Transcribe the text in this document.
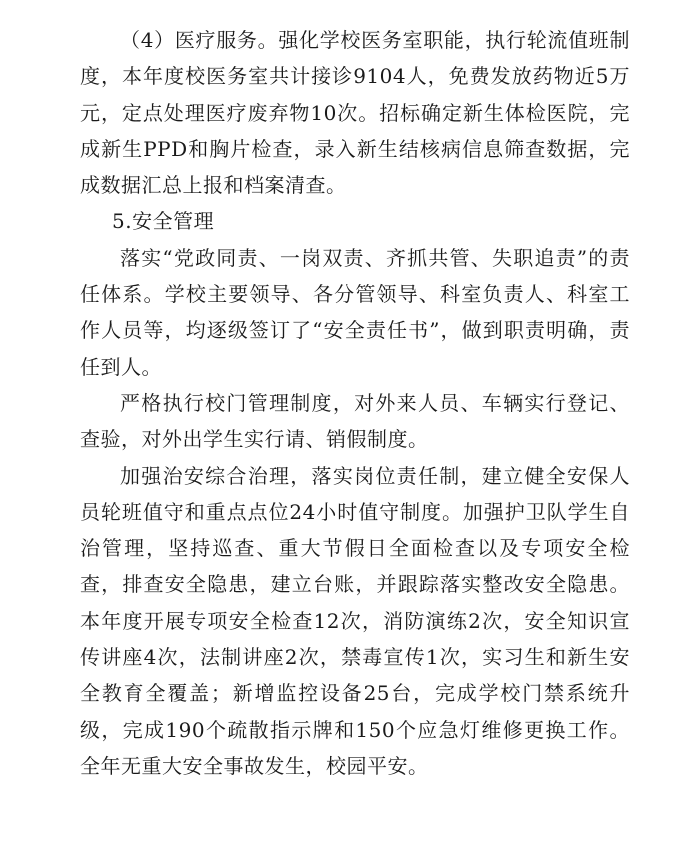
（4）医疗服务。强化学校医务室职能，执行轮流值班制度，本年度校医务室共计接诊9104人，免费发放药物近5万元，定点处理医疗废弃物10次。招标确定新生体检医院，完成新生PPD和胸片检查，录入新生结核病信息筛查数据，完成数据汇总上报和档案清查。

5.安全管理

落实“党政同责、一岗双责、齐抓共管、失职追责”的责任体系。学校主要领导、各分管领导、科室负责人、科室工作人员等，均逐级签订了“安全责任书”，做到职责明确，责任到人。

严格执行校门管理制度，对外来人员、车辆实行登记、查验，对外出学生实行请、销假制度。

加强治安综合治理，落实岗位责任制，建立健全安保人员轮班值守和重点点位24小时值守制度。加强护卫队学生自治管理，坚持巡查、重大节假日全面检查以及专项安全检查，排查安全隐患，建立台账，并跟踪落实整改安全隐患。本年度开展专项安全检查12次，消防演练2次，安全知识宣传讲座4次，法制讲座2次，禁毒宣传1次，实习生和新生安全教育全覆盖；新增监控设备25台，完成学校门禁系统升级，完成190个疏散指示牌和150个应急灯维修更换工作。全年无重大安全事故发生，校园平安。
